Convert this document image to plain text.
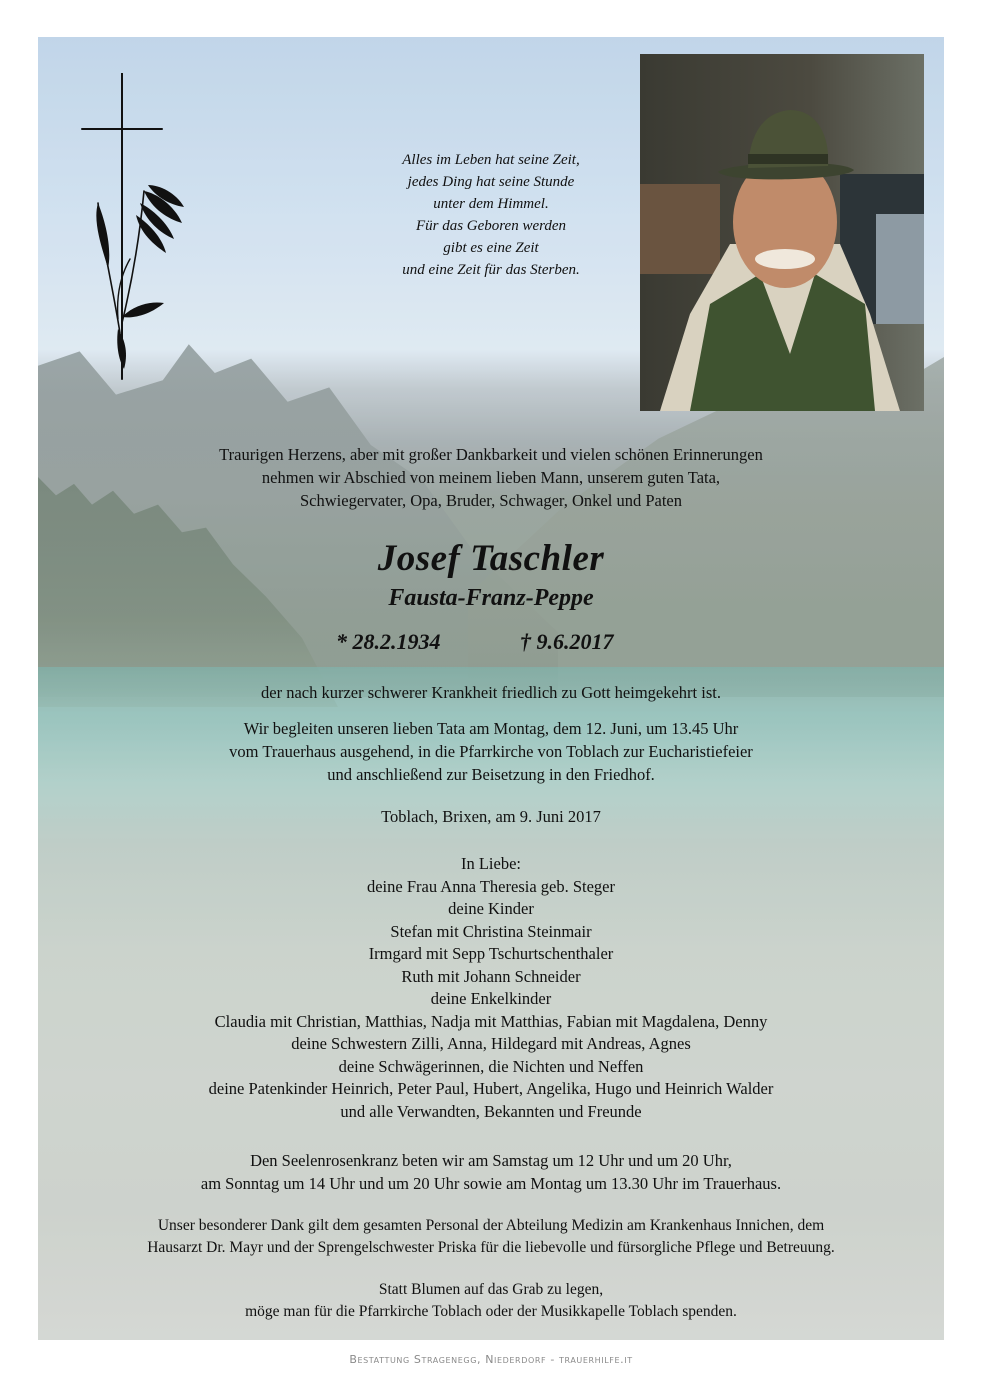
Alles im Leben hat seine Zeit,
jedes Ding hat seine Stunde
unter dem Himmel.
Für das Geboren werden
gibt es eine Zeit
und eine Zeit für das Sterben.
Traurigen Herzens, aber mit großer Dankbarkeit und vielen schönen Erinnerungen
nehmen wir Abschied von meinem lieben Mann, unserem guten Tata,
Schwiegervater, Opa, Bruder, Schwager, Onkel und Paten
Josef Taschler
Fausta-Franz-Peppe
* 28.2.1934	† 9.6.2017
der nach kurzer schwerer Krankheit friedlich zu Gott heimgekehrt ist.
Wir begleiten unseren lieben Tata am Montag, dem 12. Juni, um 13.45 Uhr
vom Trauerhaus ausgehend, in die Pfarrkirche von Toblach zur Eucharistiefeier
und anschließend zur Beisetzung in den Friedhof.
Toblach, Brixen, am 9. Juni 2017
In Liebe:
deine Frau Anna Theresia geb. Steger
deine Kinder
Stefan mit Christina Steinmair
Irmgard mit Sepp Tschurtschenthaler
Ruth mit Johann Schneider
deine Enkelkinder
Claudia mit Christian, Matthias, Nadja mit Matthias, Fabian mit Magdalena, Denny
deine Schwestern Zilli, Anna, Hildegard mit Andreas, Agnes
deine Schwägerinnen, die Nichten und Neffen
deine Patenkinder Heinrich, Peter Paul, Hubert, Angelika, Hugo und Heinrich Walder
und alle Verwandten, Bekannten und Freunde
Den Seelenrosenkranz beten wir am Samstag um 12 Uhr und um 20 Uhr,
am Sonntag um 14 Uhr und um 20 Uhr sowie am Montag um 13.30 Uhr im Trauerhaus.
Unser besonderer Dank gilt dem gesamten Personal der Abteilung Medizin am Krankenhaus Innichen, dem
Hausarzt Dr. Mayr und der Sprengelschwester Priska für die liebevolle und fürsorgliche Pflege und Betreuung.
Statt Blumen auf das Grab zu legen,
möge man für die Pfarrkirche Toblach oder der Musikkapelle Toblach spenden.
Bestattung Stragenegg, Niederdorf - trauerhilfe.it
